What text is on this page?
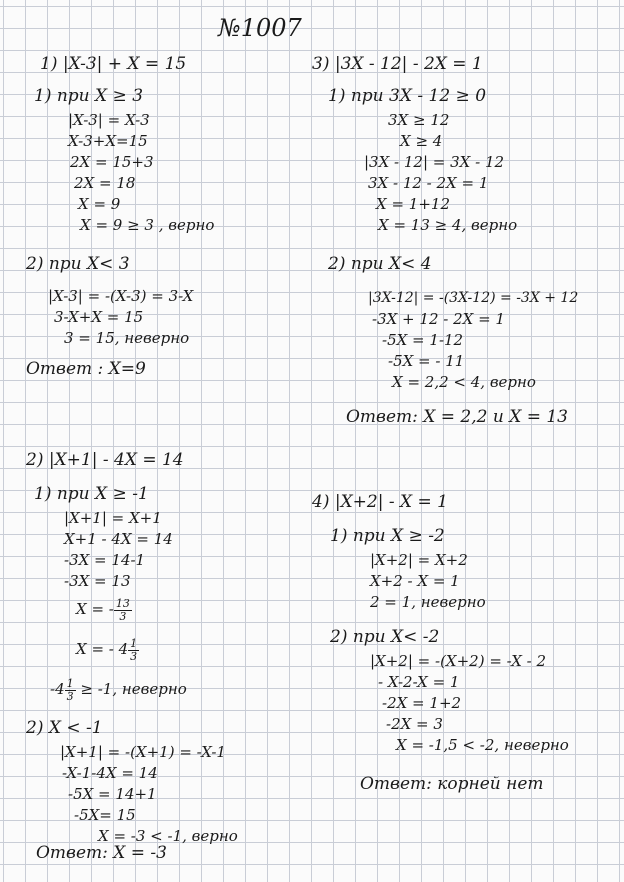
№1007
1) |X-3| + X = 15
1) при X ≥ 3
|X-3| = X-3
X-3+X=15
2X = 15+3
2X = 18
X = 9
X = 9 ≥ 3 , верно
2) при X< 3
|X-3| = -(X-3) = 3-X
3-X+X = 15
3 = 15, неверно
Ответ : X=9
2) |X+1| - 4X = 14
1) при X ≥ -1
|X+1| = X+1
X+1 - 4X = 14
-3X = 14-1
-3X = 13
X = - $\frac{13}{3}$
X = - $4 \frac{1}{3}$
$-4 \frac{1}{3} \ge -1$, неверно
2) X < -1
|X+1| = -(X+1) = -X-1
-X-1-4X = 14
-5X = 14+1
-5X= 15
X = -3 < -1, верно
Ответ: X = -3
3) |3X - 12| - 2X = 1
1) при 3X - 12 ≥ 0
3X ≥ 12
X ≥ 4
|3X - 12| = 3X - 12
3X - 12 - 2X = 1
X = 1+12
X = 13 ≥ 4, верно
2) при X< 4
|3X-12| = -(3X-12) = -3X + 12
-3X + 12 - 2X = 1
-5X = 1-12
-5X = - 11
X = 2,2 < 4, верно
Ответ: X = 2,2 и X = 13
4) |X+2| - X = 1
1) при X ≥ -2
|X+2| = X+2
X+2 - X = 1
2 = 1, неверно
2) при X< -2
|X+2| = -(X+2) = -X - 2
- X-2-X = 1
-2X = 1+2
-2X = 3
X = -1,5 < -2, неверно
Ответ: корней нет
